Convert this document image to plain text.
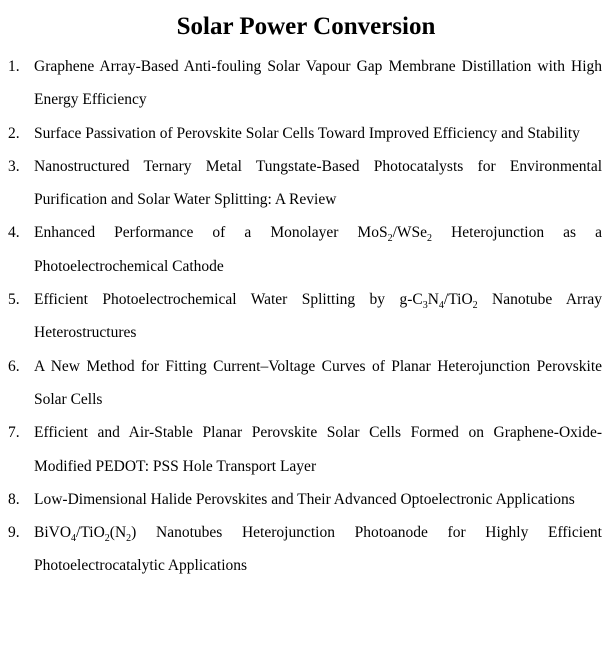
Solar Power Conversion
1. Graphene Array-Based Anti-fouling Solar Vapour Gap Membrane Distillation with High Energy Efficiency
2. Surface Passivation of Perovskite Solar Cells Toward Improved Efficiency and Stability
3. Nanostructured Ternary Metal Tungstate-Based Photocatalysts for Environmental Purification and Solar Water Splitting: A Review
4. Enhanced Performance of a Monolayer MoS$_2$/WSe$_2$ Heterojunction as a Photoelectrochemical Cathode
5. Efficient Photoelectrochemical Water Splitting by $g-C_3N_4/TiO_2$ Nanotube Array Heterostructures
6. A New Method for Fitting Current–Voltage Curves of Planar Heterojunction Perovskite Solar Cells
7. Efficient and Air-Stable Planar Perovskite Solar Cells Formed on Graphene-Oxide-Modified PEDOT: PSS Hole Transport Layer
8. Low-Dimensional Halide Perovskites and Their Advanced Optoelectronic Applications
9. $BiVO_4/TiO_2(N_2)$ Nanotubes Heterojunction Photoanode for Highly Efficient Photoelectrocatalytic Applications
